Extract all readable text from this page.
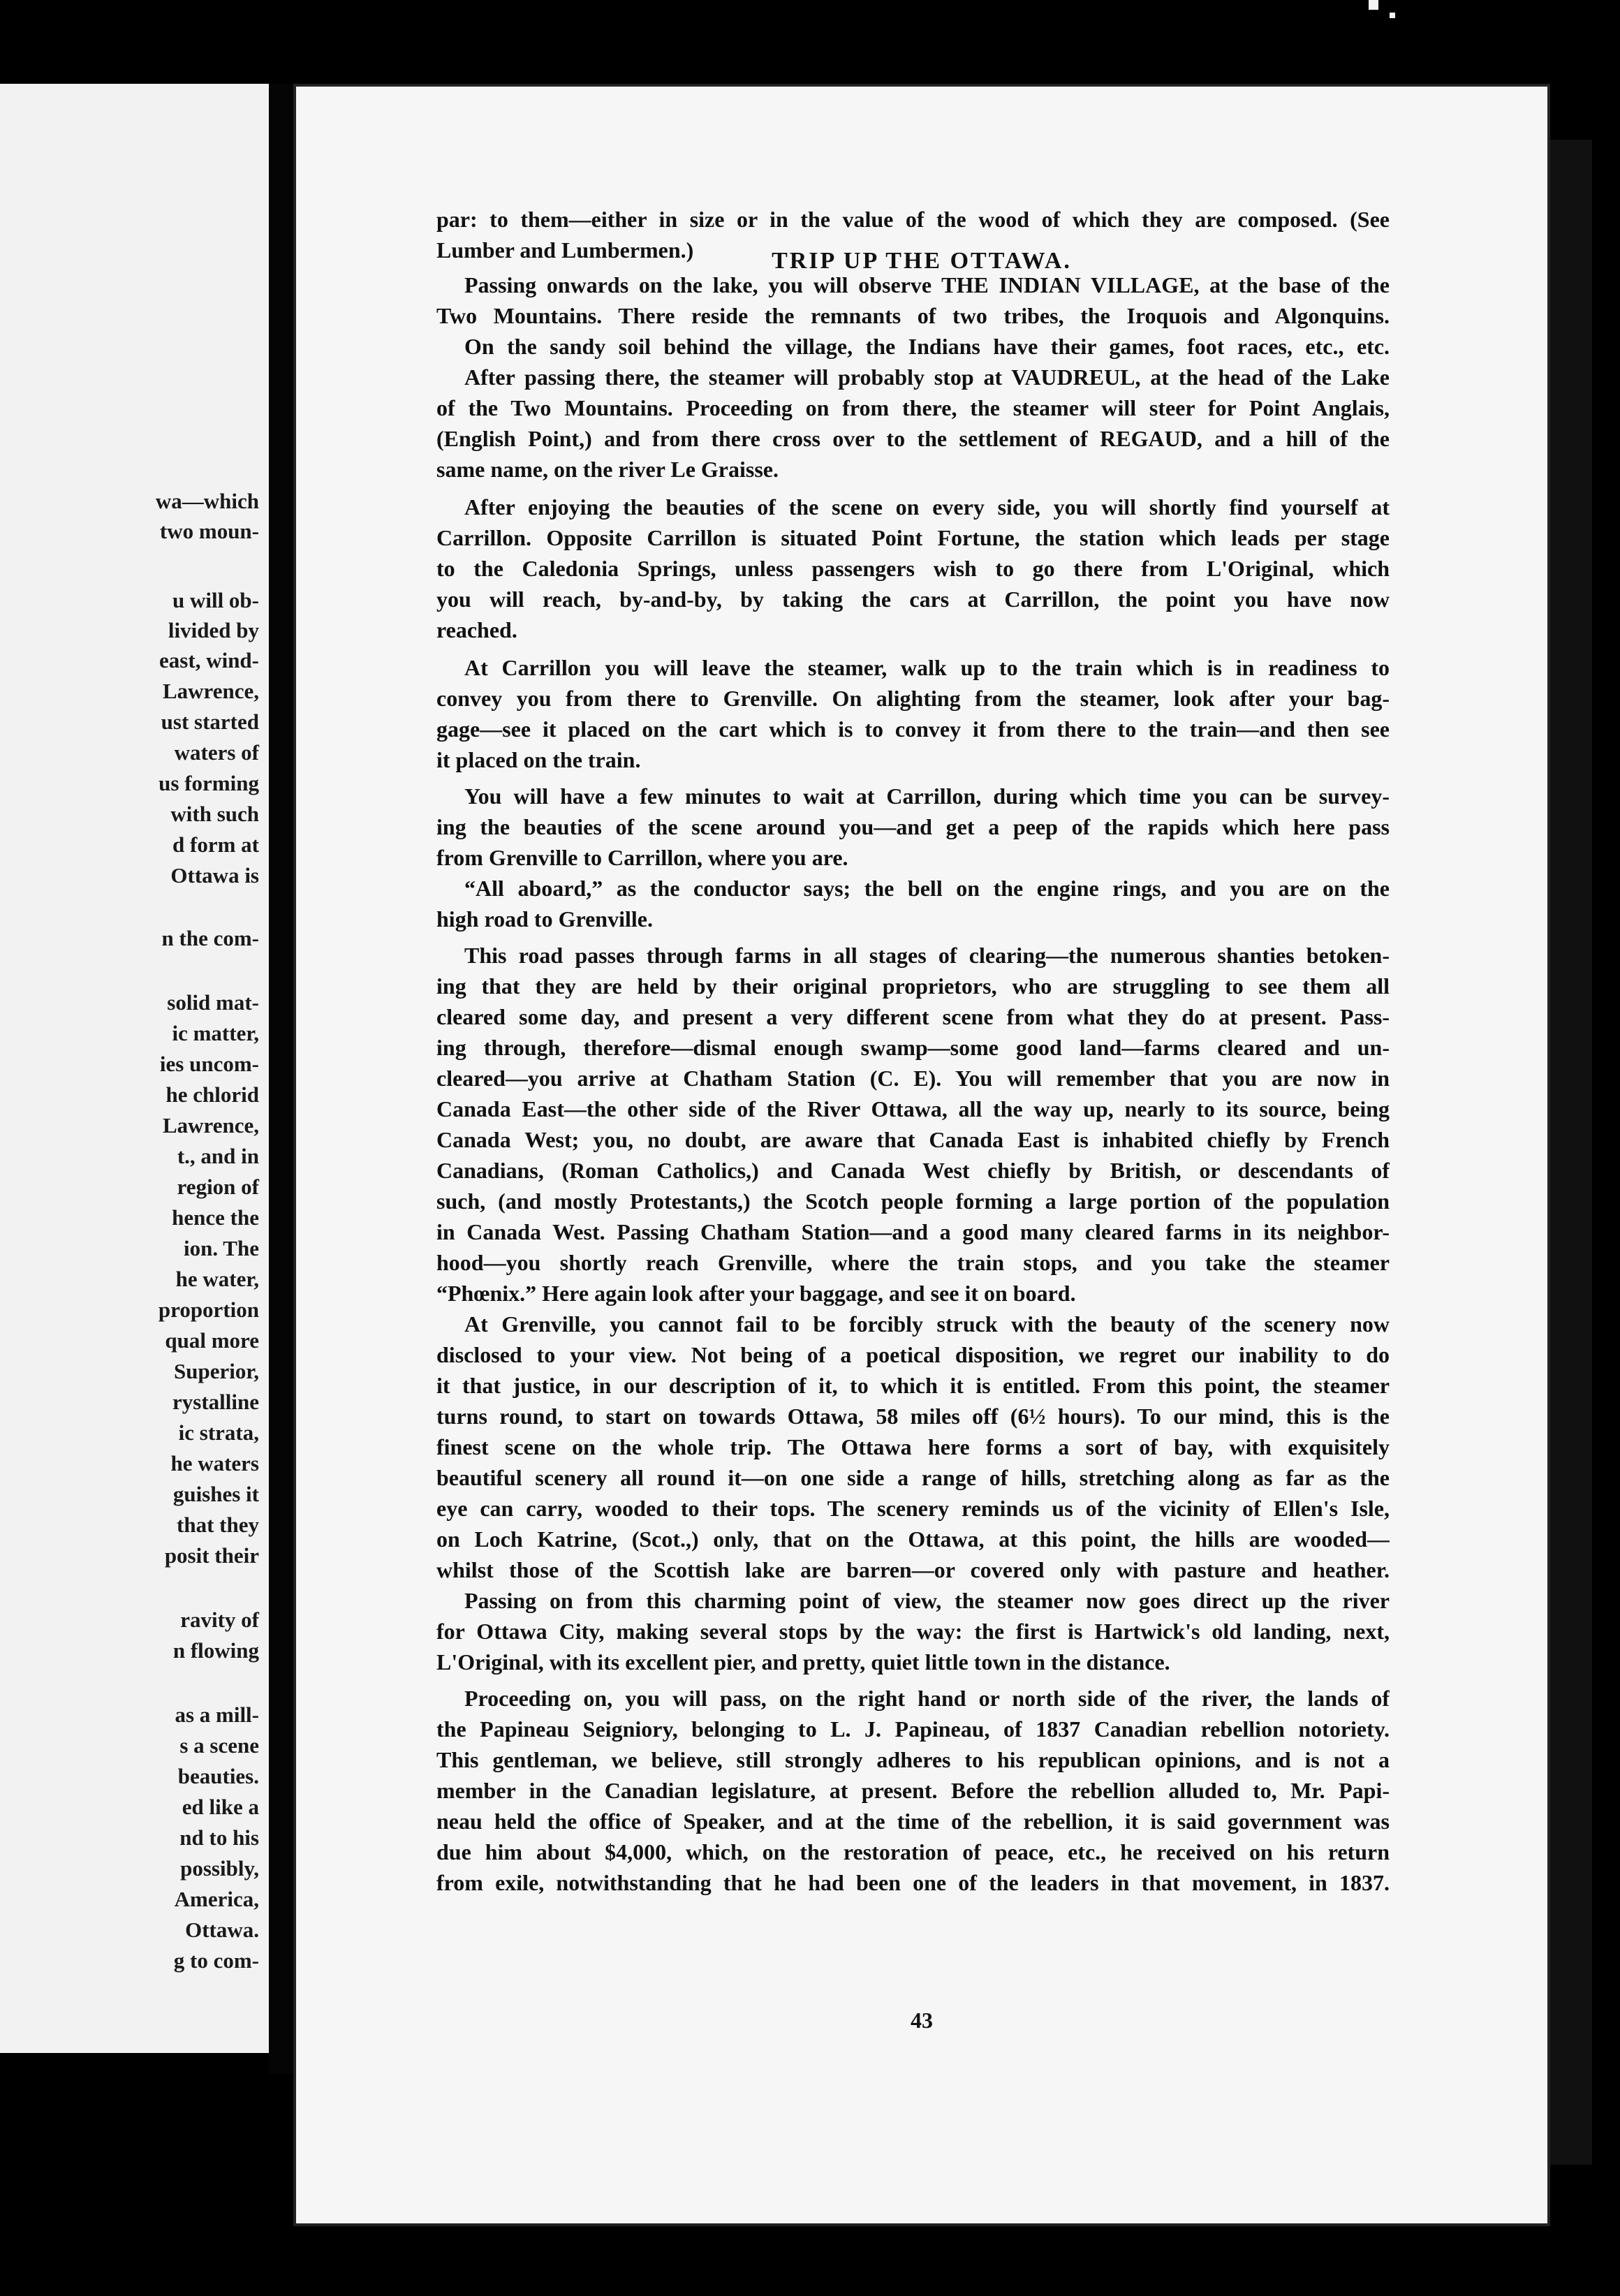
wa—which
two moun-
u will ob-
livided by
east, wind-
Lawrence,
ust started
waters of
us forming
with such
d form at
Ottawa is
n the com-
solid mat-
ic matter,
ies uncom-
he chlorid
Lawrence,
t., and in
region of
hence the
ion. The
he water,
proportion
qual more
Superior,
rystalline
ic strata,
he waters
guishes it
that they
posit their
ravity of
n flowing
as a mill-
s a scene
beauties.
ed like a
nd to his
possibly,
America,
Ottawa.
g to com-
TRIP UP THE OTTAWA.
par: to them—either in size or in the value of the wood of which they are composed. (See
Lumber and Lumbermen.)
Passing onwards on the lake, you will observe THE INDIAN VILLAGE, at the base of the
Two Mountains. There reside the remnants of two tribes, the Iroquois and Algonquins.
On the sandy soil behind the village, the Indians have their games, foot races, etc., etc.
After passing there, the steamer will probably stop at VAUDREUL, at the head of the Lake
of the Two Mountains. Proceeding on from there, the steamer will steer for Point Anglais,
(English Point,) and from there cross over to the settlement of REGAUD, and a hill of the
same name, on the river Le Graisse.
After enjoying the beauties of the scene on every side, you will shortly find yourself at
Carrillon. Opposite Carrillon is situated Point Fortune, the station which leads per stage
to the Caledonia Springs, unless passengers wish to go there from L'Original, which
you will reach, by-and-by, by taking the cars at Carrillon, the point you have now
reached.
At Carrillon you will leave the steamer, walk up to the train which is in readiness to
convey you from there to Grenville. On alighting from the steamer, look after your bag-
gage—see it placed on the cart which is to convey it from there to the train—and then see
it placed on the train.
You will have a few minutes to wait at Carrillon, during which time you can be survey-
ing the beauties of the scene around you—and get a peep of the rapids which here pass
from Grenville to Carrillon, where you are.
“All aboard,” as the conductor says; the bell on the engine rings, and you are on the
high road to Grenville.
This road passes through farms in all stages of clearing—the numerous shanties betoken-
ing that they are held by their original proprietors, who are struggling to see them all
cleared some day, and present a very different scene from what they do at present. Pass-
ing through, therefore—dismal enough swamp—some good land—farms cleared and un-
cleared—you arrive at Chatham Station (C. E). You will remember that you are now in
Canada East—the other side of the River Ottawa, all the way up, nearly to its source, being
Canada West; you, no doubt, are aware that Canada East is inhabited chiefly by French
Canadians, (Roman Catholics,) and Canada West chiefly by British, or descendants of
such, (and mostly Protestants,) the Scotch people forming a large portion of the population
in Canada West. Passing Chatham Station—and a good many cleared farms in its neighbor-
hood—you shortly reach Grenville, where the train stops, and you take the steamer
“Phœnix.” Here again look after your baggage, and see it on board.
At Grenville, you cannot fail to be forcibly struck with the beauty of the scenery now
disclosed to your view. Not being of a poetical disposition, we regret our inability to do
it that justice, in our description of it, to which it is entitled. From this point, the steamer
turns round, to start on towards Ottawa, 58 miles off (6½ hours). To our mind, this is the
finest scene on the whole trip. The Ottawa here forms a sort of bay, with exquisitely
beautiful scenery all round it—on one side a range of hills, stretching along as far as the
eye can carry, wooded to their tops. The scenery reminds us of the vicinity of Ellen's Isle,
on Loch Katrine, (Scot.,) only, that on the Ottawa, at this point, the hills are wooded—
whilst those of the Scottish lake are barren—or covered only with pasture and heather.
Passing on from this charming point of view, the steamer now goes direct up the river
for Ottawa City, making several stops by the way: the first is Hartwick's old landing, next,
L'Original, with its excellent pier, and pretty, quiet little town in the distance.
Proceeding on, you will pass, on the right hand or north side of the river, the lands of
the Papineau Seigniory, belonging to L. J. Papineau, of 1837 Canadian rebellion notoriety.
This gentleman, we believe, still strongly adheres to his republican opinions, and is not a
member in the Canadian legislature, at present. Before the rebellion alluded to, Mr. Papi-
neau held the office of Speaker, and at the time of the rebellion, it is said government was
due him about $4,000, which, on the restoration of peace, etc., he received on his return
from exile, notwithstanding that he had been one of the leaders in that movement, in 1837.
43
